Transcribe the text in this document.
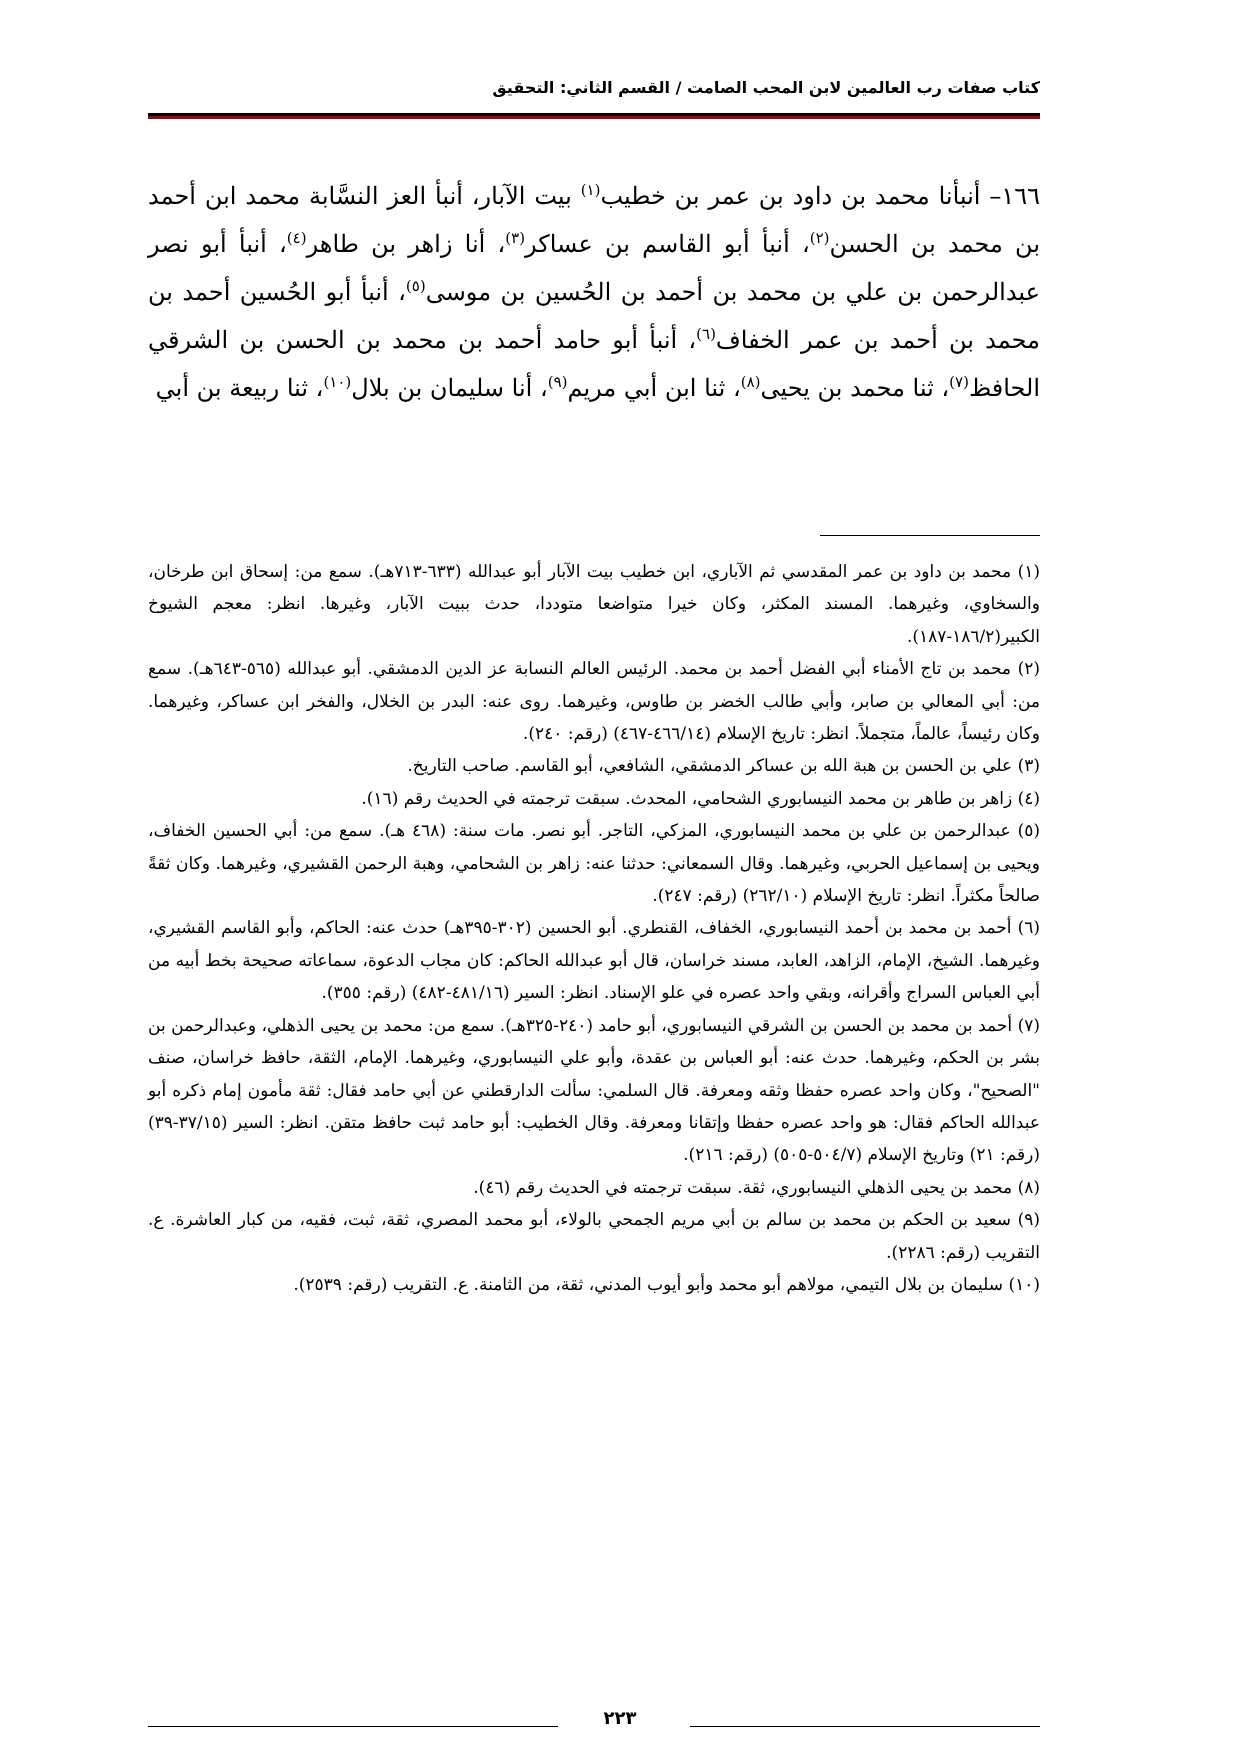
كتاب صفات رب العالمين لابن المحب الصامت / القسم الثاني: التحقيق

١٦٦– أنبأنا محمد بن داود بن عمر بن خطيب$^{(١)}$ بيت الآبار، أنبأ العز النسَّابة محمد ابن أحمد بن محمد بن الحسن$^{(٢)}$، أنبأ أبو القاسم بن عساكر$^{(٣)}$، أنا زاهر بن طاهر$^{(٤)}$، أنبأ أبو نصر عبدالرحمن بن علي بن محمد بن أحمد بن الحُسين بن موسى$^{(٥)}$، أنبأ أبو الحُسين أحمد بن محمد بن أحمد بن عمر الخفاف$^{(٦)}$، أنبأ أبو حامد أحمد بن محمد بن الحسن بن الشرقي الحافظ$^{(٧)}$، ثنا محمد بن يحيى$^{(٨)}$، ثنا ابن أبي مريم$^{(٩)}$، أنا سليمان بن بلال$^{(١٠)}$، ثنا ربيعة بن أبي

(١) محمد بن داود بن عمر المقدسي ثم الآباري، ابن خطيب بيت الآبار أبو عبدالله (٦٣٣-٧١٣هـ). سمع من: إسحاق ابن طرخان، والسخاوي، وغيرهما. المسند المكثر، وكان خيرا متواضعا متوددا، حدث ببيت الآبار، وغيرها. انظر: معجم الشيوخ الكبير(١٨٦/٢-١٨٧).
(٢) محمد بن تاج الأمناء أبي الفضل أحمد بن محمد. الرئيس العالم النسابة عز الدين الدمشقي. أبو عبدالله (٥٦٥-٦٤٣هـ). سمع من: أبي المعالي بن صابر، وأبي طالب الخضر بن طاوس، وغيرهما. روى عنه: البدر بن الخلال، والفخر ابن عساكر، وغيرهما. وكان رئيساً، عالماً، متجملاً. انظر: تاريخ الإسلام (٤٦٦/١٤-٤٦٧) (رقم: ٢٤٠).
(٣) علي بن الحسن بن هبة الله بن عساكر الدمشقي، الشافعي، أبو القاسم. صاحب التاريخ.
(٤) زاهر بن طاهر بن محمد النيسابوري الشحامي، المحدث. سبقت ترجمته في الحديث رقم (١٦).
(٥) عبدالرحمن بن علي بن محمد النيسابوري، المزكي، التاجر. أبو نصر. مات سنة: (٤٦٨ هـ). سمع من: أبي الحسين الخفاف، ويحيى بن إسماعيل الحربي، وغيرهما. وقال السمعاني: حدثنا عنه: زاهر بن الشحامي، وهبة الرحمن القشيري، وغيرهما. وكان ثقةً صالحاً مكثراً. انظر: تاريخ الإسلام (٢٦٢/١٠) (رقم: ٢٤٧).
(٦) أحمد بن محمد بن أحمد النيسابوري، الخفاف، القنطري. أبو الحسين (٣٠٢-٣٩٥هـ) حدث عنه: الحاكم، وأبو القاسم القشيري، وغيرهما. الشيخ، الإمام، الزاهد، العابد، مسند خراسان، قال أبو عبدالله الحاكم: كان مجاب الدعوة، سماعاته صحيحة بخط أبيه من أبي العباس السراج وأقرانه، وبقي واحد عصره في علو الإسناد. انظر: السير (٤٨١/١٦-٤٨٢) (رقم: ٣٥٥).
(٧) أحمد بن محمد بن الحسن بن الشرقي النيسابوري، أبو حامد (٢٤٠-٣٢٥هـ). سمع من: محمد بن يحيى الذهلي، وعبدالرحمن بن بشر بن الحكم، وغيرهما. حدث عنه: أبو العباس بن عقدة، وأبو علي النيسابوري، وغيرهما. الإمام، الثقة، حافظ خراسان، صنف "الصحيح"، وكان واحد عصره حفظا وثقه ومعرفة. قال السلمي: سألت الدارقطني عن أبي حامد فقال: ثقة مأمون إمام ذكره أبو عبدالله الحاكم فقال: هو واحد عصره حفظا وإتقانا ومعرفة. وقال الخطيب: أبو حامد ثبت حافظ متقن. انظر: السير (٣٧/١٥-٣٩) (رقم: ٢١) وتاريخ الإسلام (٥٠٤/٧-٥٠٥) (رقم: ٢١٦).
(٨) محمد بن يحيى الذهلي النيسابوري، ثقة. سبقت ترجمته في الحديث رقم (٤٦).
(٩) سعيد بن الحكم بن محمد بن سالم بن أبي مريم الجمحي بالولاء، أبو محمد المصري، ثقة، ثبت، فقيه، من كبار العاشرة. ع. التقريب (رقم: ٢٢٨٦).
(١٠) سليمان بن بلال التيمي، مولاهم أبو محمد وأبو أيوب المدني، ثقة، من الثامنة. ع. التقريب (رقم: ٢٥٣٩).
٢٢٣
